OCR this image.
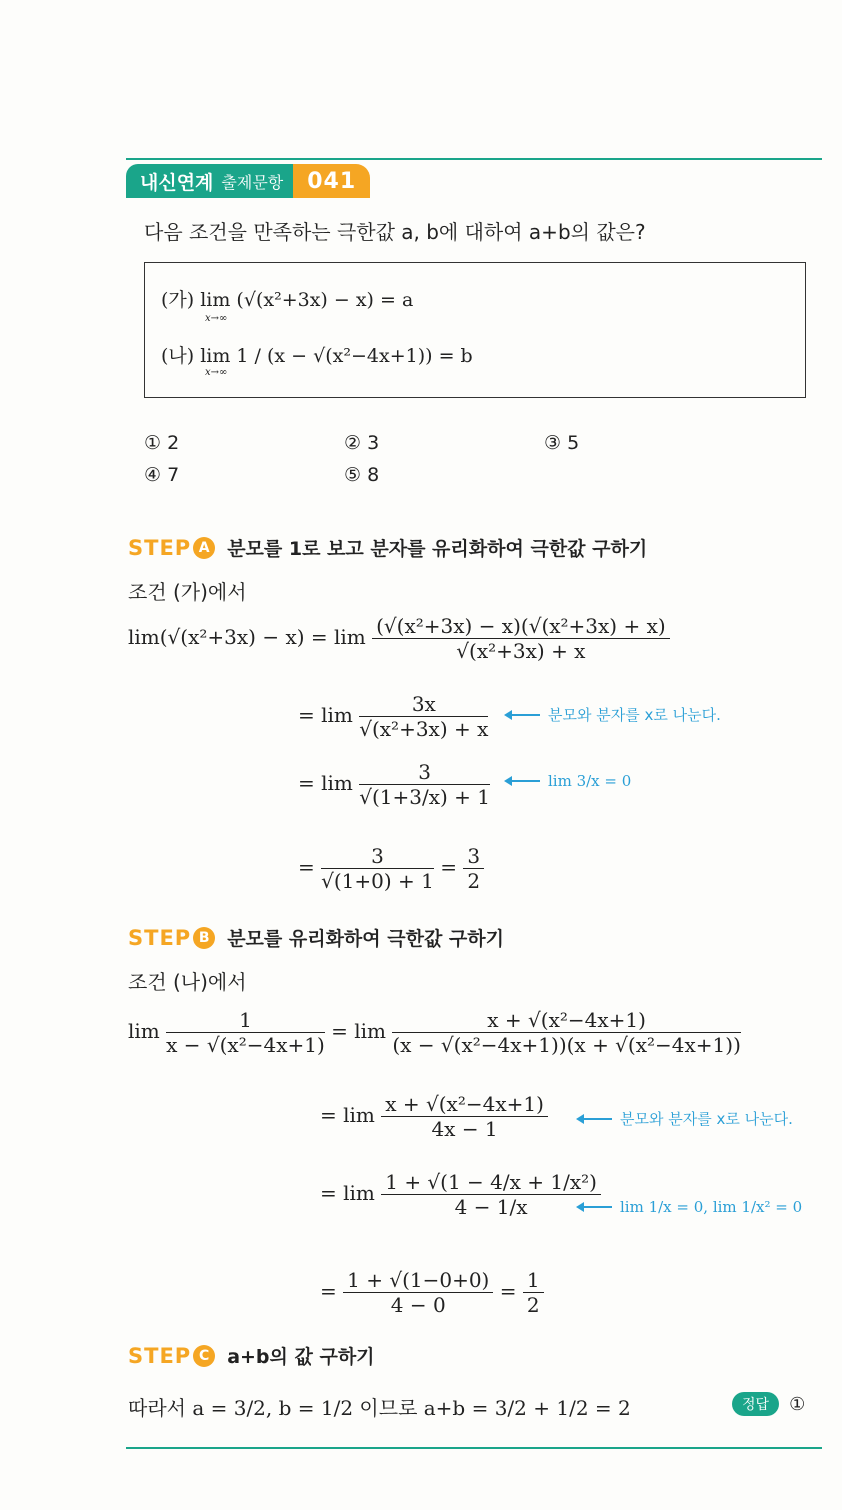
내신연계 출제문항	041
다음 조건을 만족하는 극한값 a, b에 대하여 a+b의 값은?
(가) lim (√(x²+3x) − x) = a
(나) lim 1 / (x − √(x²−4x+1)) = b
x→∞
x→∞
① 2	② 3	③ 5
④ 7	⑤ 8
STEP A 분모를 1로 보고 분자를 유리화하여 극한값 구하기
조건 (가)에서
$\lim(√(x^2+3x) - x) = \lim \frac{\text{(√(x²+3x) − x)(√(x²+3x) + x)}}{\text{√(x²+3x) + x}}$
= $\lim \frac{3x}{\text{√(x²+3x) + x}}$	분모와 분자를 x로 나눈다.
= $\lim \frac{3}{√(1+3/x) + 1}$	lim 3/x = 0
= $\frac{3}{√(1+0) + 1} = \frac{3}{2}$
STEP B 분모를 유리화하여 극한값 구하기
조건 (나)에서
$\lim \frac{1}{\text{x − √(x²−4x+1)}} = \lim \frac{\text{x + √(x²−4x+1)}}{\text{(x − √(x²−4x+1))(x + √(x²−4x+1))}}$
= $\lim \frac{\text{x + √(x²−4x+1)}}{4x - 1}$	분모와 분자를 x로 나눈다.
= $\lim \frac{\text{1 + √(1 − 4/x + 1/x²)}}{4 - 1/x}$ lim 1/x = 0, lim 1/x² = 0
= $\frac{1 + √(1-0+0)}{4 - 0} = \frac{1}{2}$
STEP C a+b의 값 구하기
따라서 a = 3/2, b = 1/2 이므로 a+b = 3/2 + 1/2 = 2	정답	①
